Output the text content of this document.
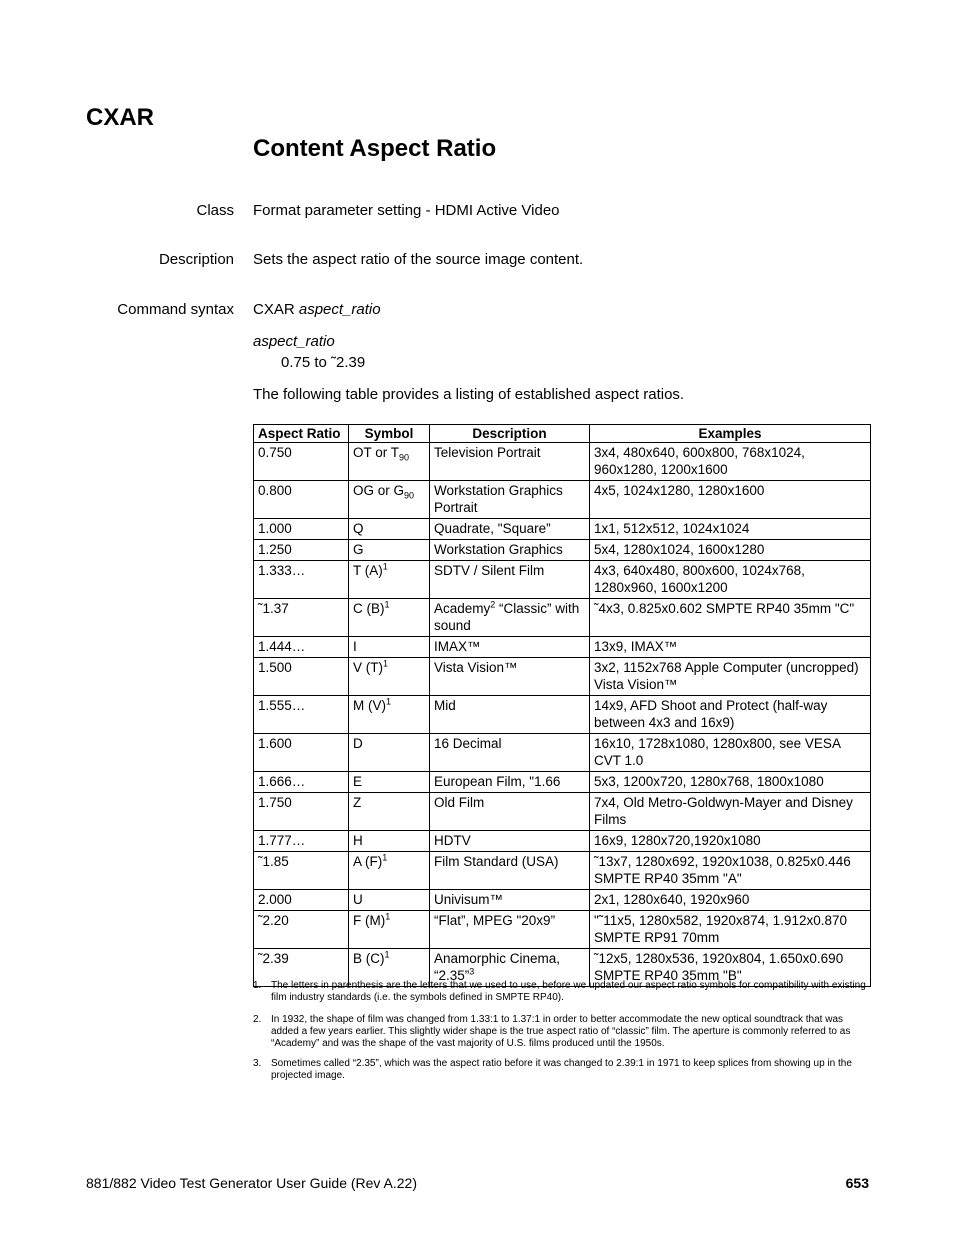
CXAR
Content Aspect Ratio
Class Format parameter setting - HDMI Active Video
Description Sets the aspect ratio of the source image content.
Command syntax CXAR aspect_ratio
aspect_ratio
0.75 to ˜2.39
The following table provides a listing of established aspect ratios.
Aspect Ratio	Symbol	Description	Examples
0.750	OT or $T_{90}$	Television Portrait	3x4, 480x640, 600x800, 768x1024, 960x1280, 1200x1600
0.800	OG or $G_{90}$	Workstation Graphics Portrait	4x5, 1024x1280, 1280x1600
1.000	Q	Quadrate, "Square”	1x1, 512x512, 1024x1024
1.250	G	Workstation Graphics	5x4, 1280x1024, 1600x1280
1.333…	T $(A)^1$	SDTV / Silent Film	4x3, 640x480, 800x600, 1024x768, 1280x960, 1600x1200
˜1.37	C $(B)^1$	Academy$^2$ “Classic” with sound	˜4x3, 0.825x0.602 SMPTE RP40 35mm "C"
1.444…	I	IMAX™	13x9, IMAX™
1.500	V $(T)^1$	Vista Vision™	3x2, 1152x768 Apple Computer (uncropped) Vista Vision™
1.555…	M $(V)^1$	Mid	14x9, AFD Shoot and Protect (half-way between 4x3 and 16x9)
1.600	D	16 Decimal	16x10, 1728x1080, 1280x800, see VESA CVT 1.0
1.666…	E	European Film, "1.66	5x3, 1200x720, 1280x768, 1800x1080
1.750	Z	Old Film	7x4, Old Metro-Goldwyn-Mayer and Disney Films
1.777…	H	HDTV	16x9, 1280x720,1920x1080
˜1.85	A $(F)^1$	Film Standard (USA)	˜13x7, 1280x692, 1920x1038, 0.825x0.446 SMPTE RP40 35mm "A"
2.000	U	Univisum™	2x1, 1280x640, 1920x960
˜2.20	F $(M)^1$	“Flat”, MPEG "20x9”	"˜11x5, 1280x582, 1920x874, 1.912x0.870 SMPTE RP91 70mm
˜2.39	B $(C)^1$	Anamorphic Cinema, “2.35”$^3$	˜12x5, 1280x536, 1920x804, 1.650x0.690 SMPTE RP40 35mm "B"
1. The letters in parenthesis are the letters that we used to use, before we updated our aspect ratio symbols for compatibility with existing film industry standards (i.e. the symbols defined in SMPTE RP40).
2. In 1932, the shape of film was changed from 1.33:1 to 1.37:1 in order to better accommodate the new optical soundtrack that was added a few years earlier. This slightly wider shape is the true aspect ratio of “classic” film. The aperture is commonly referred to as “Academy” and was the shape of the vast majority of U.S. films produced until the 1950s.
3. Sometimes called “2.35”, which was the aspect ratio before it was changed to 2.39:1 in 1971 to keep splices from showing up in the projected image.
881/882 Video Test Generator User Guide (Rev A.22)	653
